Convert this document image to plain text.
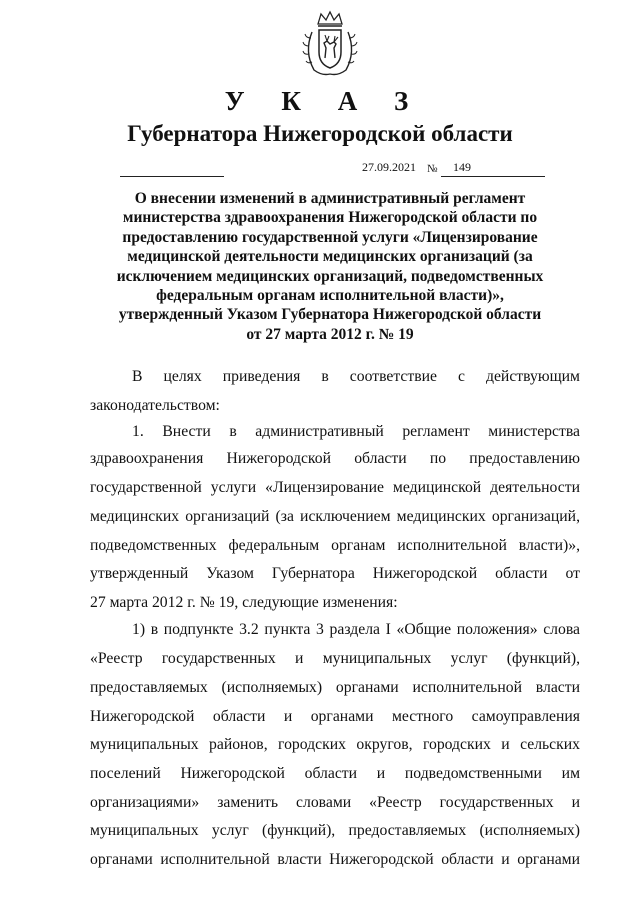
У К А З
Губернатора Нижегородской области
27.09.2021 № 149
О внесении изменений в административный регламент
министерства здравоохранения Нижегородской области по
предоставлению государственной услуги «Лицензирование
медицинской деятельности медицинских организаций (за
исключением медицинских организаций, подведомственных
федеральным органам исполнительной власти)»,
утвержденный Указом Губернатора Нижегородской области
от 27 марта 2012 г. № 19
В целях приведения в соответствие с действующим
законодательством:
1. Внести в административный регламент министерства
здравоохранения Нижегородской области по предоставлению
государственной услуги «Лицензирование медицинской деятельности
медицинских организаций (за исключением медицинских организаций,
подведомственных федеральным органам исполнительной власти)»,
утвержденный Указом Губернатора Нижегородской области от
27 марта 2012 г. № 19, следующие изменения:
1) в подпункте 3.2 пункта 3 раздела I «Общие положения» слова
«Реестр государственных и муниципальных услуг (функций),
предоставляемых (исполняемых) органами исполнительной власти
Нижегородской области и органами местного самоуправления
муниципальных районов, городских округов, городских и сельских
поселений Нижегородской области и подведомственными им
организациями» заменить словами «Реестр государственных и
муниципальных услуг (функций), предоставляемых (исполняемых)
органами исполнительной власти Нижегородской области и органами
